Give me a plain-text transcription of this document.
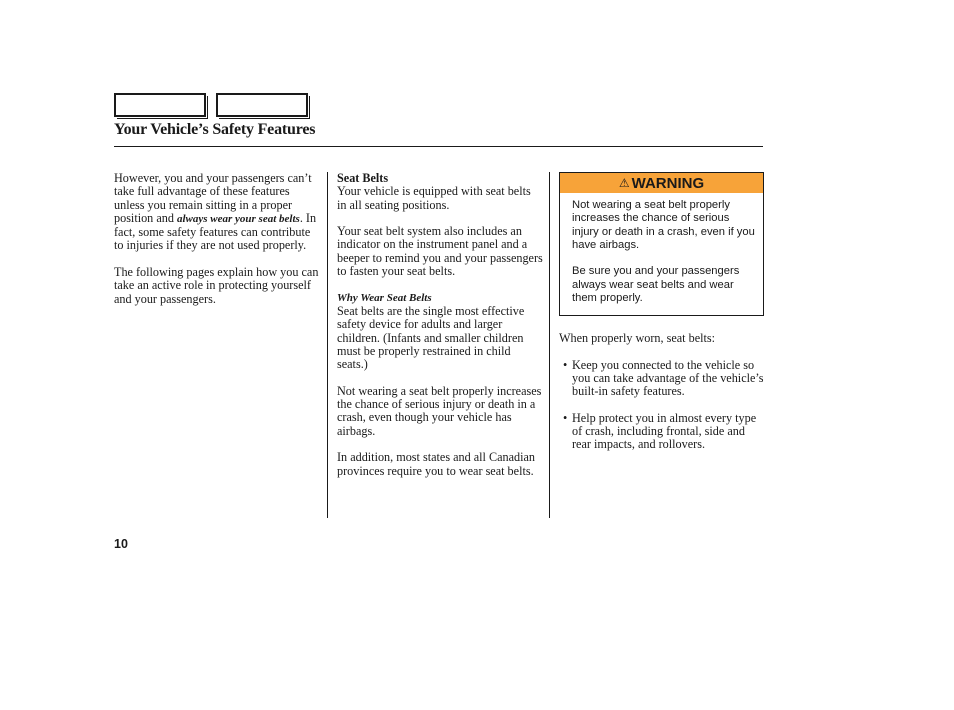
Your Vehicle’s Safety Features

However, you and your passengers can’t take full advantage of these features unless you remain sitting in a proper position and always wear your seat belts. In fact, some safety features can contribute to injuries if they are not used properly.

The following pages explain how you can take an active role in protecting yourself and your passengers.

Seat Belts
Your vehicle is equipped with seat belts in all seating positions.

Your seat belt system also includes an indicator on the instrument panel and a beeper to remind you and your passengers to fasten your seat belts.

Why Wear Seat Belts
Seat belts are the single most effective safety device for adults and larger children. (Infants and smaller children must be properly restrained in child seats.)

Not wearing a seat belt properly increases the chance of serious injury or death in a crash, even though your vehicle has airbags.

In addition, most states and all Canadian provinces require you to wear seat belts.

⚠ WARNING

Not wearing a seat belt properly increases the chance of serious injury or death in a crash, even if you have airbags.

Be sure you and your passengers always wear seat belts and wear them properly.

When properly worn, seat belts:

• Keep you connected to the vehicle so you can take advantage of the vehicle’s built-in safety features.
• Help protect you in almost every type of crash, including frontal, side and rear impacts, and rollovers.
10
